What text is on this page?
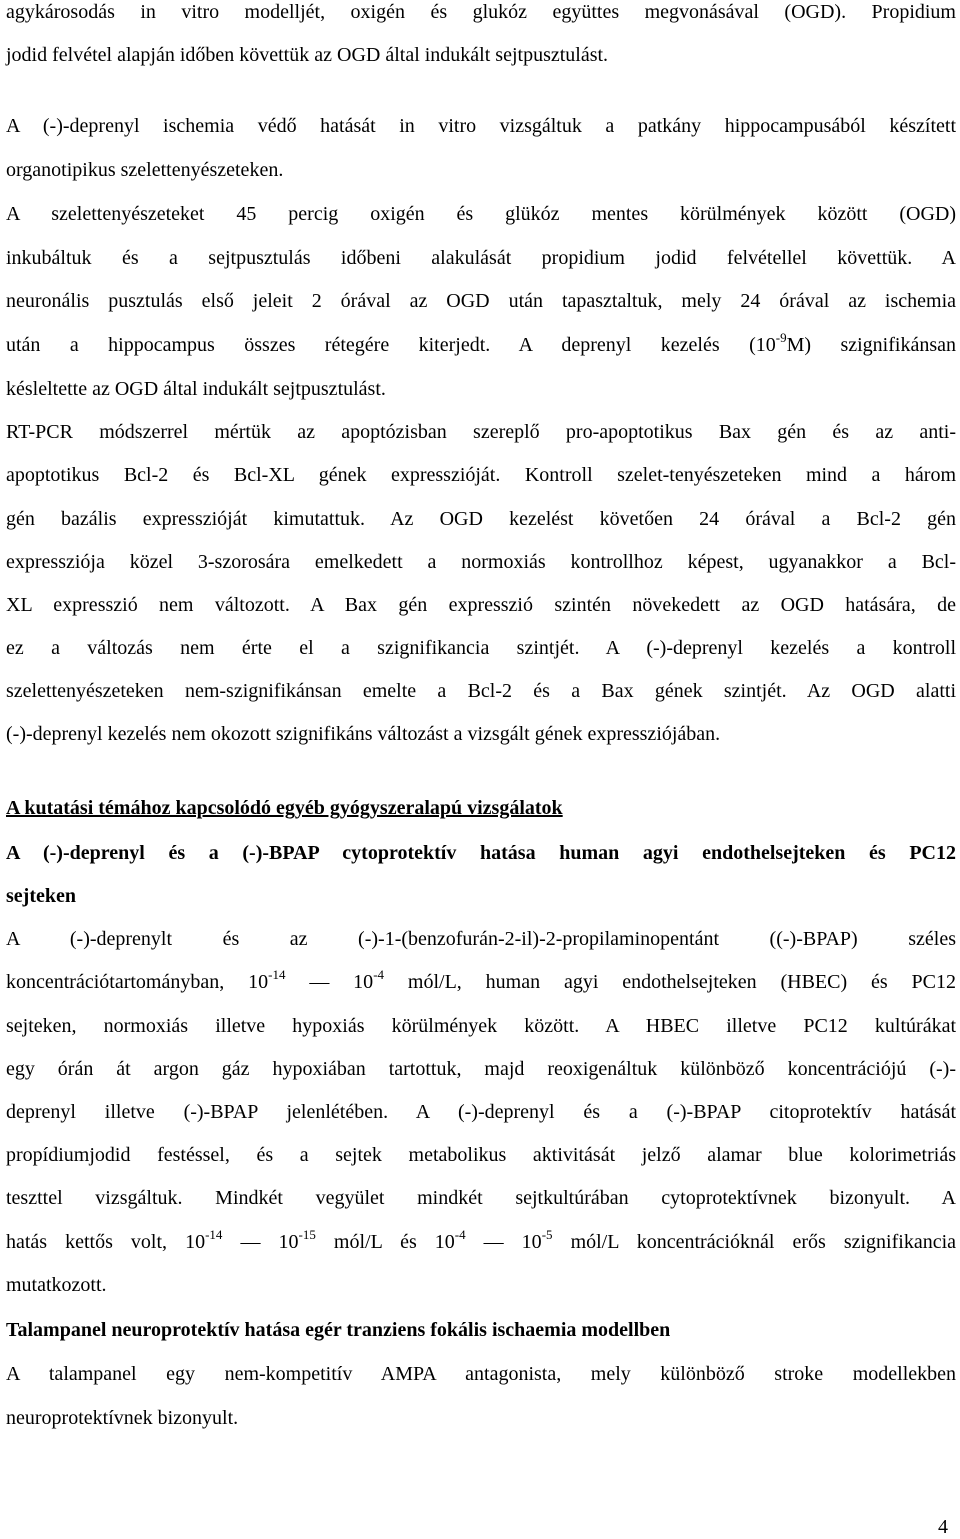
agykárosodás in vitro modelljét, oxigén és glukóz együttes megvonásával (OGD). Propidium
jodid felvétel alapján időben követtük az OGD által indukált sejtpusztulást.
A (-)-deprenyl ischemia védő hatását in vitro vizsgáltuk a patkány hippocampusából készített
organotipikus szelettenyészeteken.
A szelettenyészeteket 45 percig oxigén és glükóz mentes körülmények között (OGD)
inkubáltuk és a sejtpusztulás időbeni alakulását propidium jodid felvétellel követtük. A
neuronális pusztulás első jeleit 2 órával az OGD után tapasztaltuk, mely 24 órával az ischemia
után a hippocampus összes rétegére kiterjedt. A deprenyl kezelés $(10^{-9}M)$ szignifikánsan
késleltette az OGD által indukált sejtpusztulást.
RT-PCR módszerrel mértük az apoptózisban szereplő pro-apoptotikus Bax gén és az anti-
apoptotikus Bcl-2 és Bcl-XL gének expresszióját. Kontroll szelet-tenyészeteken mind a három
gén bazális expresszióját kimutattuk. Az OGD kezelést követően 24 órával a Bcl-2 gén
expressziója közel 3-szorosára emelkedett a normoxiás kontrollhoz képest, ugyanakkor a Bcl-
XL expresszió nem változott. A Bax gén expresszió szintén növekedett az OGD hatására, de
ez a változás nem érte el a szignifikancia szintjét. A (-)-deprenyl kezelés a kontroll
szelettenyészeteken nem-szignifikánsan emelte a Bcl-2 és a Bax gének szintjét. Az OGD alatti
(-)-deprenyl kezelés nem okozott szignifikáns változást a vizsgált gének expressziójában.
A kutatási témához kapcsolódó egyéb gyógyszeralapú vizsgálatok
A (-)-deprenyl és a (-)-BPAP cytoprotektív hatása human agyi endothelsejteken és PC12
sejteken
A (-)-deprenylt és az (-)-1-(benzofurán-2-il)-2-propilaminopentánt ((-)-BPAP) széles
koncentrációtartományban, $10^{-14}$ — $10^{-4}$ mól/L, human agyi endothelsejteken (HBEC) és PC12
sejteken, normoxiás illetve hypoxiás körülmények között. A HBEC illetve PC12 kultúrákat
egy órán át argon gáz hypoxiában tartottuk, majd reoxigenáltuk különböző koncentrációjú (-)-
deprenyl illetve (-)-BPAP jelenlétében. A (-)-deprenyl és a (-)-BPAP citoprotektív hatását
propídiumjodid festéssel, és a sejtek metabolikus aktivitását jelző alamar blue kolorimetriás
teszttel vizsgáltuk. Mindkét vegyület mindkét sejtkultúrában cytoprotektívnek bizonyult. A
hatás kettős volt, $10^{-14}$ — $10^{-15}$ mól/L és $10^{-4}$ — $10^{-5}$ mól/L koncentrációknál erős szignifikancia
mutatkozott.
Talampanel neuroprotektív hatása egér tranziens fokális ischaemia modellben
A talampanel egy nem-kompetitív AMPA antagonista, mely különböző stroke modellekben
neuroprotektívnek bizonyult.
4
